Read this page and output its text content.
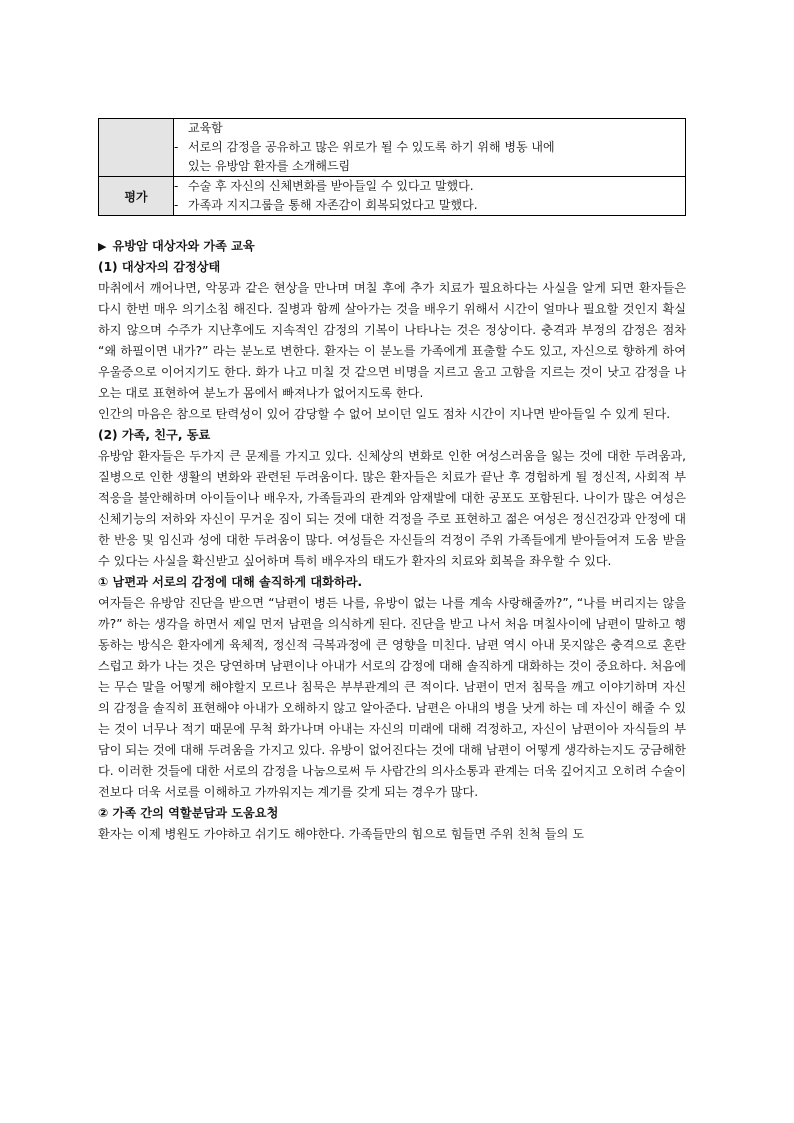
	교육함
- 서로의 감정을 공유하고 많은 위로가 될 수 있도록 하기 위해 병동 내에
있는 유방암 환자를 소개해드림

평가	- 수술 후 자신의 신체변화를 받아들일 수 있다고 말했다.
- 가족과 지지그룹을 통해 자존감이 회복되었다고 말했다.

▶ 유방암 대상자와 가족 교육

(1) 대상자의 감정상태

마취에서 깨어나면, 악몽과 같은 현상을 만나며 며칠 후에 추가 치료가 필요하다는 사실을 알게 되면 환자들은 다시 한번 매우 의기소침 해진다. 질병과 함께 살아가는 것을 배우기 위해서 시간이 얼마나 필요할 것인지 확실하지 않으며 수주가 지난후에도 지속적인 감정의 기복이 나타나는 것은 정상이다. 충격과 부정의 감정은 점차 “왜 하필이면 내가?” 라는 분노로 변한다. 환자는 이 분노를 가족에게 표출할 수도 있고, 자신으로 향하게 하여 우울증으로 이어지기도 한다. 화가 나고 미칠 것 같으면 비명을 지르고 울고 고함을 지르는 것이 낫고 감정을 나오는 대로 표현하여 분노가 몸에서 빠져나가 없어지도록 한다.

인간의 마음은 참으로 탄력성이 있어 감당할 수 없어 보이던 일도 점차 시간이 지나면 받아들일 수 있게 된다.

(2) 가족, 친구, 동료

유방암 환자들은 두가지 큰 문제를 가지고 있다. 신체상의 변화로 인한 여성스러움을 잃는 것에 대한 두려움과, 질병으로 인한 생활의 변화와 관련된 두려움이다. 많은 환자들은 치료가 끝난 후 경험하게 될 정신적, 사회적 부적응을 불안해하며 아이들이나 배우자, 가족들과의 관계와 암재발에 대한 공포도 포함된다. 나이가 많은 여성은 신체기능의 저하와 자신이 무거운 짐이 되는 것에 대한 걱정을 주로 표현하고 젊은 여성은 정신건강과 안정에 대한 반응 및 임신과 성에 대한 두려움이 많다. 여성들은 자신들의 걱정이 주위 가족들에게 받아들여져 도움 받을 수 있다는 사실을 확신받고 싶어하며 특히 배우자의 태도가 환자의 치료와 회복을 좌우할 수 있다.

① 남편과 서로의 감정에 대해 솔직하게 대화하라.

여자들은 유방암 진단을 받으면 “남편이 병든 나를, 유방이 없는 나를 계속 사랑해줄까?”, “나를 버리지는 않을까?” 하는 생각을 하면서 제일 먼저 남편을 의식하게 된다. 진단을 받고 나서 처음 며칠사이에 남편이 말하고 행동하는 방식은 환자에게 육체적, 정신적 극복과정에 큰 영향을 미친다. 남편 역시 아내 못지않은 충격으로 혼란스럽고 화가 나는 것은 당연하며 남편이나 아내가 서로의 감정에 대해 솔직하게 대화하는 것이 중요하다. 처음에는 무슨 말을 어떻게 해야할지 모르나 침묵은 부부관계의 큰 적이다. 남편이 먼저 침묵을 깨고 이야기하며 자신의 감정을 솔직히 표현해야 아내가 오해하지 않고 알아준다. 남편은 아내의 병을 낫게 하는 데 자신이 해줄 수 있는 것이 너무나 적기 때문에 무척 화가나며 아내는 자신의 미래에 대해 걱정하고, 자신이 남편이아 자식들의 부담이 되는 것에 대해 두려움을 가지고 있다. 유방이 없어진다는 것에 대해 남편이 어떻게 생각하는지도 궁금해한다. 이러한 것들에 대한 서로의 감정을 나눔으로써 두 사람간의 의사소통과 관계는 더욱 깊어지고 오히려 수술이전보다 더욱 서로를 이해하고 가까워지는 계기를 갖게 되는 경우가 많다.

② 가족 간의 역할분담과 도움요청

환자는 이제 병원도 가야하고 쉬기도 해야한다. 가족들만의 힘으로 힘들면 주위 친척 들의 도
